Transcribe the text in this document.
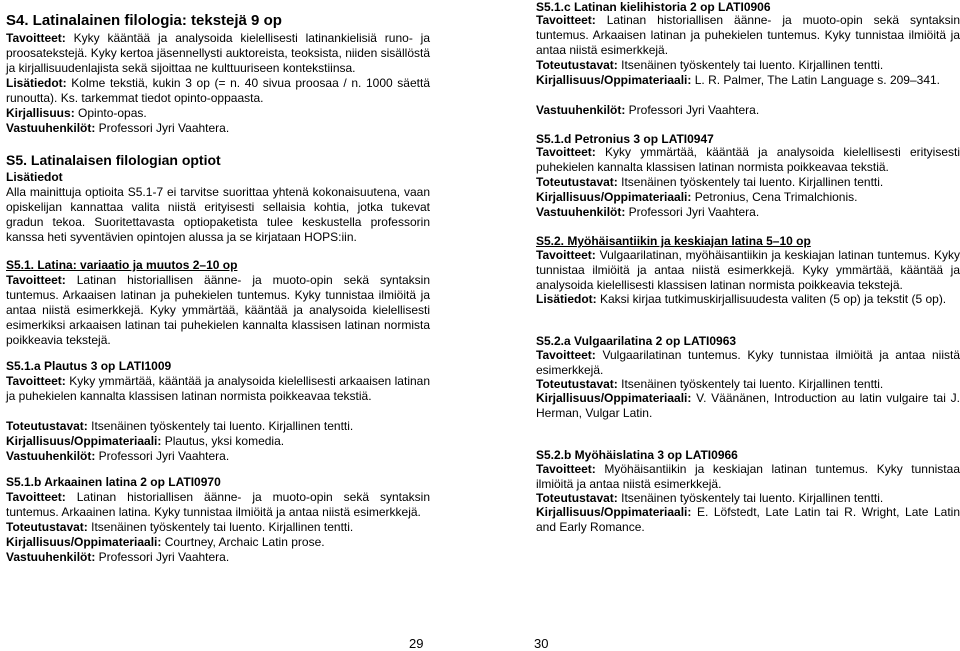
S4. Latinalainen filologia: tekstejä 9 op
Tavoitteet: Kyky kääntää ja analysoida kielellisesti latinankielisiä runo- ja proosatekstejä. Kyky kertoa jäsennellysti auktoreista, teoksista, niiden sisällöstä ja kirjallisuudenlajista sekä sijoittaa ne kulttuuriseen kontekstiinsa.
Lisätiedot: Kolme tekstiä, kukin 3 op (= n. 40 sivua proosaa / n. 1000 säettä runoutta). Ks. tarkemmat tiedot opinto-oppaasta.
Kirjallisuus: Opinto-opas.
Vastuuhenkilöt: Professori Jyri Vaahtera.
S5. Latinalaisen filologian optiot
Lisätiedot
Alla mainittuja optioita S5.1-7 ei tarvitse suorittaa yhtenä kokonaisuutena, vaan opiskelijan kannattaa valita niistä erityisesti sellaisia kohtia, jotka tukevat gradun tekoa. Suoritettavasta optiopaketista tulee keskustella professorin kanssa heti syventävien opintojen alussa ja se kirjataan HOPS:iin.
S5.1. Latina: variaatio ja muutos 2–10 op
Tavoitteet: Latinan historiallisen äänne- ja muoto-opin sekä syntaksin tuntemus. Arkaaisen latinan ja puhekielen tuntemus. Kyky tunnistaa ilmiöitä ja antaa niistä esimerkkejä. Kyky ymmärtää, kääntää ja analysoida kielellisesti esimerkiksi arkaaisen latinan tai puhekielen kannalta klassisen latinan normista poikkeavia tekstejä.
S5.1.a Plautus 3 op LATI1009
Tavoitteet: Kyky ymmärtää, kääntää ja analysoida kielellisesti arkaaisen latinan ja puhekielen kannalta klassisen latinan normista poikkeavaa tekstiä.
Toteutustavat: Itsenäinen työskentely tai luento. Kirjallinen tentti.
Kirjallisuus/Oppimateriaali: Plautus, yksi komedia.
Vastuuhenkilöt: Professori Jyri Vaahtera.
S5.1.b Arkaainen latina 2 op LATI0970
Tavoitteet: Latinan historiallisen äänne- ja muoto-opin sekä syntaksin tuntemus. Arkaainen latina. Kyky tunnistaa ilmiöitä ja antaa niistä esimerkkejä.
Toteutustavat: Itsenäinen työskentely tai luento. Kirjallinen tentti.
Kirjallisuus/Oppimateriaali: Courtney, Archaic Latin prose.
Vastuuhenkilöt: Professori Jyri Vaahtera.
S5.1.c Latinan kielihistoria 2 op LATI0906
Tavoitteet: Latinan historiallisen äänne- ja muoto-opin sekä syntaksin tuntemus. Arkaaisen latinan ja puhekielen tuntemus. Kyky tunnistaa ilmiöitä ja antaa niistä esimerkkejä.
Toteutustavat: Itsenäinen työskentely tai luento. Kirjallinen tentti.
Kirjallisuus/Oppimateriaali: L. R. Palmer, The Latin Language s. 209–341.
Vastuuhenkilöt: Professori Jyri Vaahtera.
S5.1.d Petronius 3 op LATI0947
Tavoitteet: Kyky ymmärtää, kääntää ja analysoida kielellisesti erityisesti puhekielen kannalta klassisen latinan normista poikkeavaa tekstiä.
Toteutustavat: Itsenäinen työskentely tai luento. Kirjallinen tentti.
Kirjallisuus/Oppimateriaali: Petronius, Cena Trimalchionis.
Vastuuhenkilöt: Professori Jyri Vaahtera.
S5.2. Myöhäisantiikin ja keskiajan latina 5–10 op
Tavoitteet: Vulgaarilatinan, myöhäisantiikin ja keskiajan latinan tuntemus. Kyky tunnistaa ilmiöitä ja antaa niistä esimerkkejä. Kyky ymmärtää, kääntää ja analysoida kielellisesti klassisen latinan normista poikkeavia tekstejä.
Lisätiedot: Kaksi kirjaa tutkimuskirjallisuudesta valiten (5 op) ja tekstit (5 op).
S5.2.a Vulgaarilatina 2 op LATI0963
Tavoitteet: Vulgaarilatinan tuntemus. Kyky tunnistaa ilmiöitä ja antaa niistä esimerkkejä.
Toteutustavat: Itsenäinen työskentely tai luento. Kirjallinen tentti.
Kirjallisuus/Oppimateriaali: V. Väänänen, Introduction au latin vulgaire tai J. Herman, Vulgar Latin.
S5.2.b Myöhäislatina 3 op LATI0966
Tavoitteet: Myöhäisantiikin ja keskiajan latinan tuntemus. Kyky tunnistaa ilmiöitä ja antaa niistä esimerkkejä.
Toteutustavat: Itsenäinen työskentely tai luento. Kirjallinen tentti.
Kirjallisuus/Oppimateriaali: E. Löfstedt, Late Latin tai R. Wright, Late Latin and Early Romance.
29	30
